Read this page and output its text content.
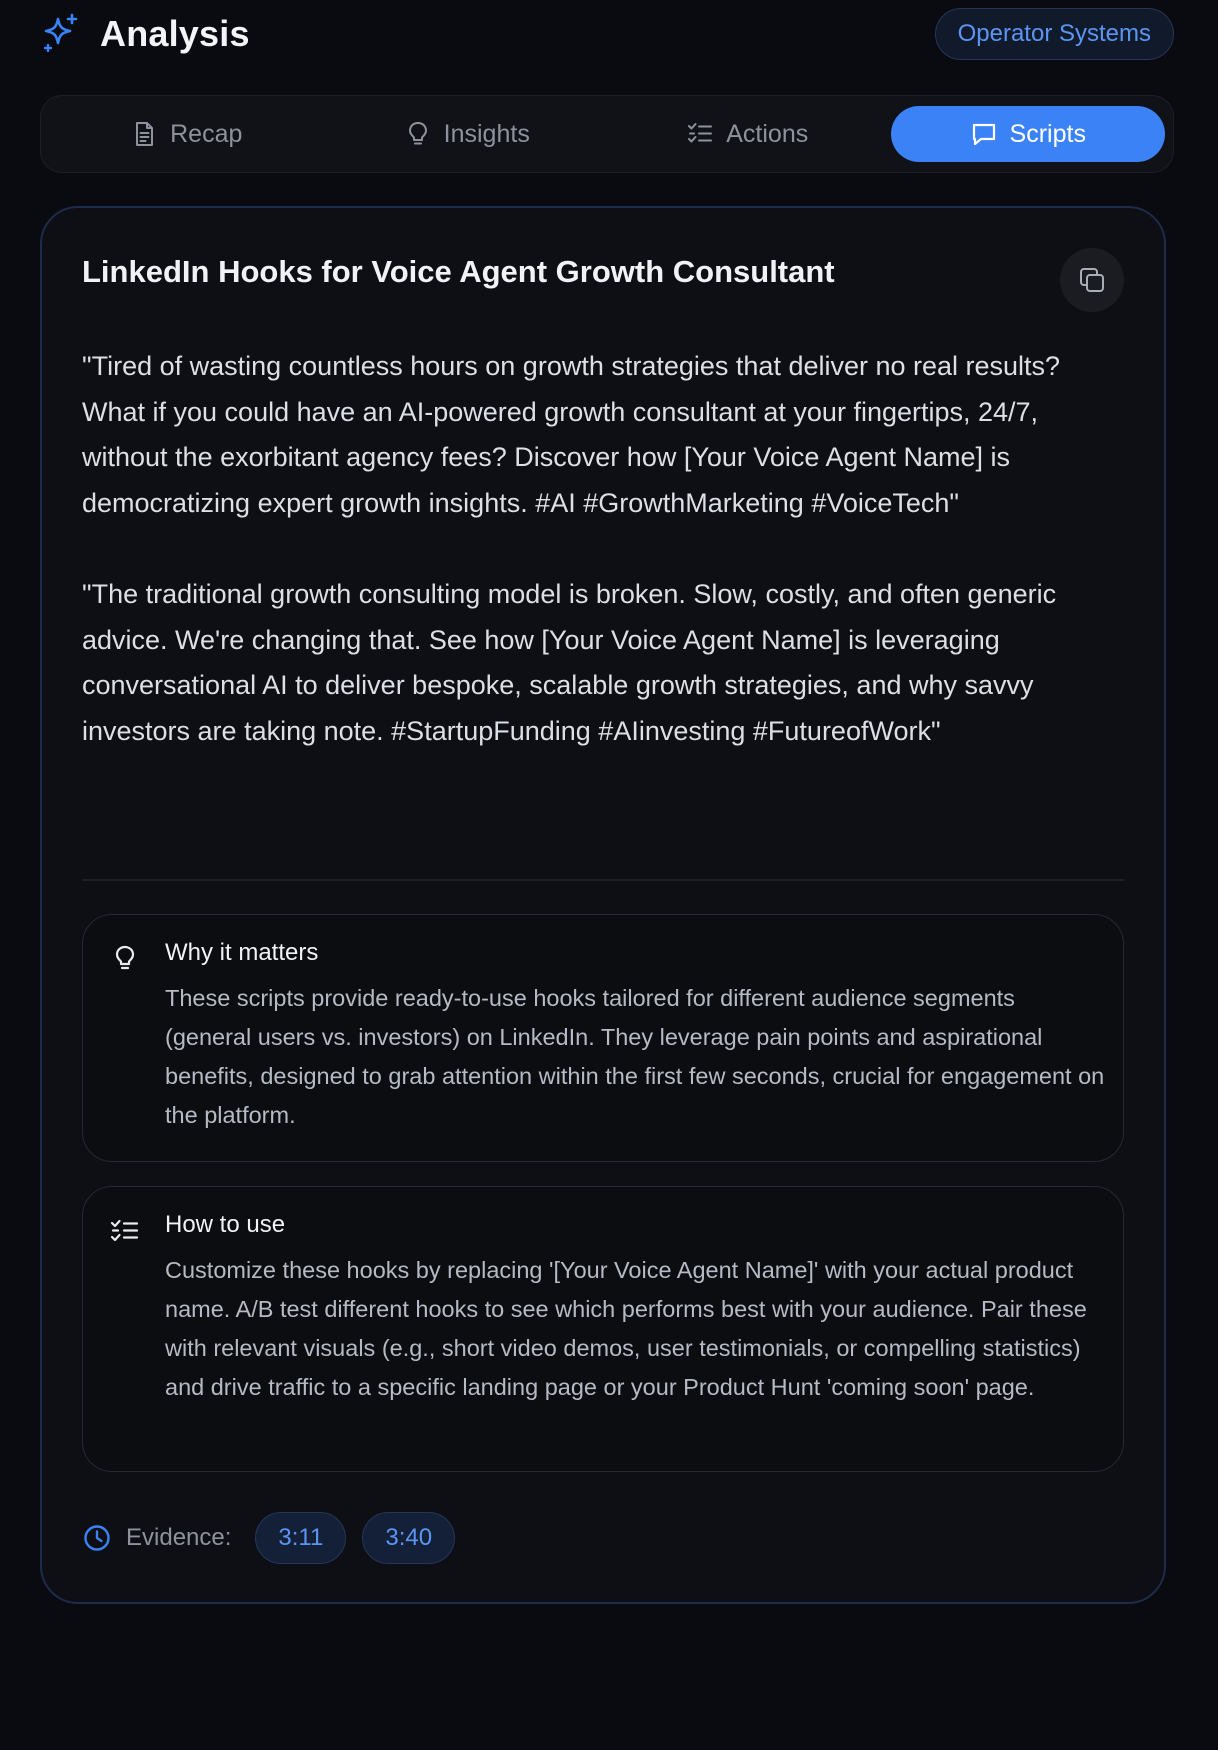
Analysis	Operator Systems
Recap	Insights	Actions	Scripts
LinkedIn Hooks for Voice Agent Growth Consultant

"Tired of wasting countless hours on growth strategies that deliver no real results? What if you could have an AI-powered growth consultant at your fingertips, 24/7, without the exorbitant agency fees? Discover how [Your Voice Agent Name] is democratizing expert growth insights. #AI #GrowthMarketing #VoiceTech"

"The traditional growth consulting model is broken. Slow, costly, and often generic advice. We're changing that. See how [Your Voice Agent Name] is leveraging conversational AI to deliver bespoke, scalable growth strategies, and why savvy investors are taking note. #StartupFunding #AIinvesting #FutureofWork"

Why it matters
These scripts provide ready-to-use hooks tailored for different audience segments (general users vs. investors) on LinkedIn. They leverage pain points and aspirational benefits, designed to grab attention within the first few seconds, crucial for engagement on the platform.
How to use
Customize these hooks by replacing '[Your Voice Agent Name]' with your actual product name. A/B test different hooks to see which performs best with your audience. Pair these with relevant visuals (e.g., short video demos, user testimonials, or compelling statistics) and drive traffic to a specific landing page or your Product Hunt 'coming soon' page.
Evidence:	3:11	3:40
